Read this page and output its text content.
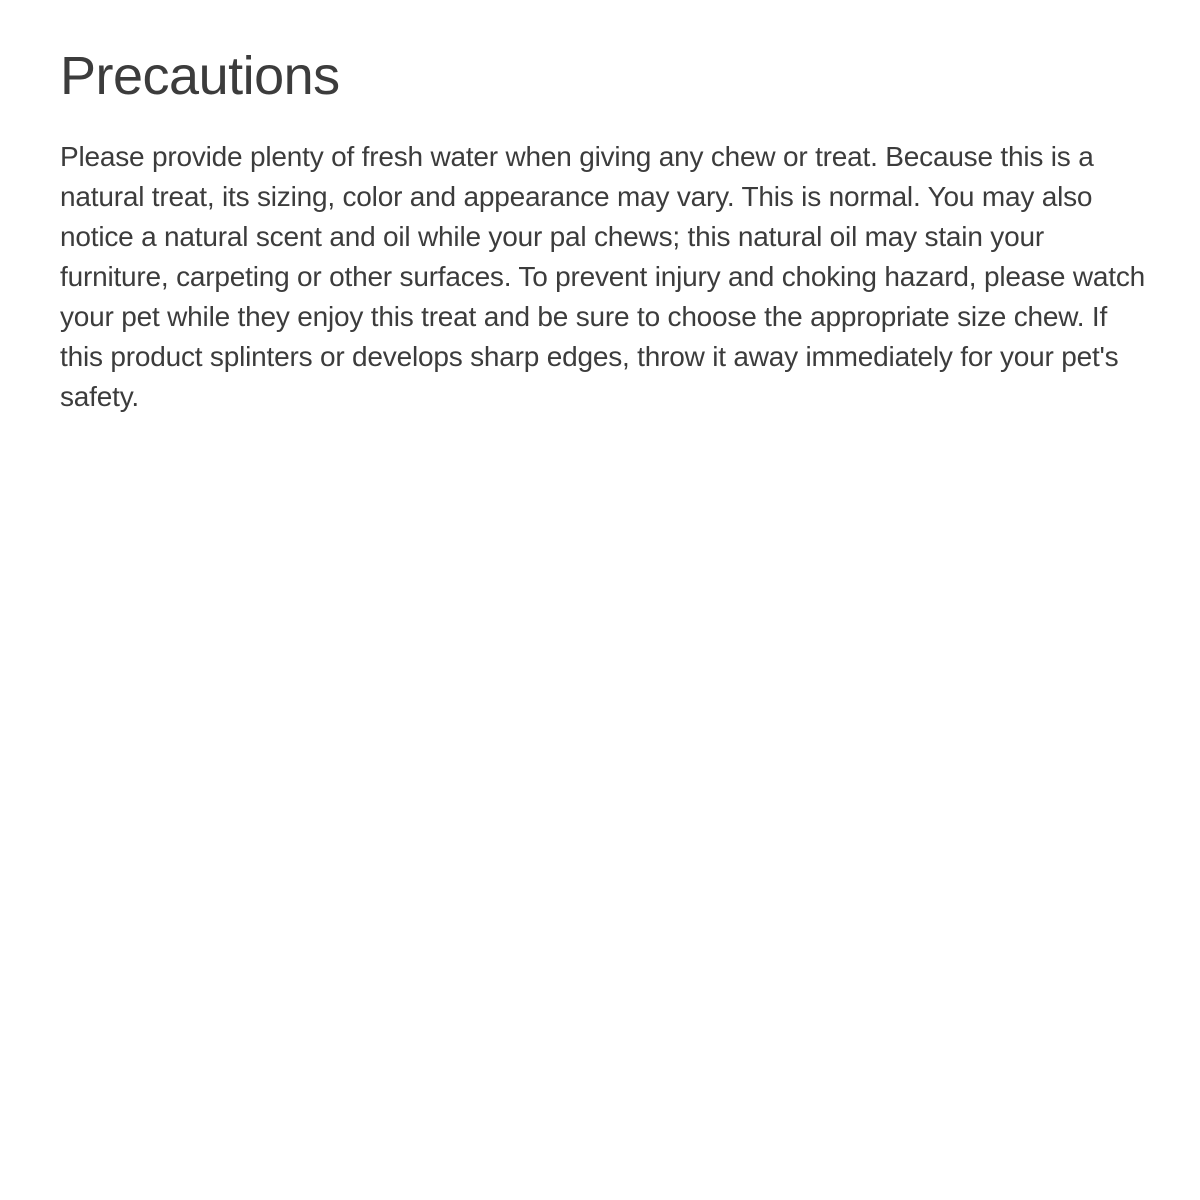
Precautions

Please provide plenty of fresh water when giving any chew or treat. Because this is a natural treat, its sizing, color and appearance may vary. This is normal. You may also notice a natural scent and oil while your pal chews; this natural oil may stain your furniture, carpeting or other surfaces. To prevent injury and choking hazard, please watch your pet while they enjoy this treat and be sure to choose the appropriate size chew. If this product splinters or develops sharp edges, throw it away immediately for your pet's safety.
